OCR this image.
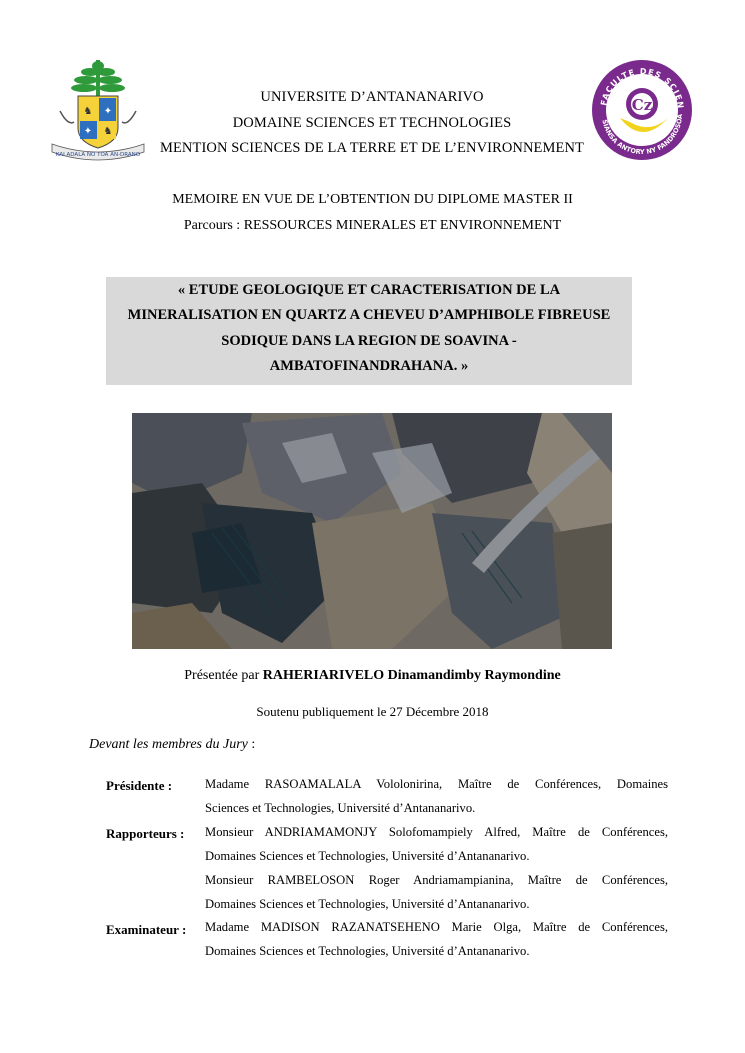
♞ ✦
✦ ♞
KAI ADALA NO TOA AN-DRANO
FACULTE DES SCIEN
SIANSA ANTORY NY FANDROSOA
Cz
UNIVERSITE D’ANTANANARIVO
DOMAINE SCIENCES ET TECHNOLOGIES
MENTION SCIENCES DE LA TERRE ET DE L’ENVIRONNEMENT
MEMOIRE EN VUE DE L’OBTENTION DU DIPLOME MASTER II
Parcours : RESSOURCES MINERALES ET ENVIRONNEMENT
« ETUDE GEOLOGIQUE ET CARACTERISATION DE LA
MINERALISATION EN QUARTZ A CHEVEU D’AMPHIBOLE FIBREUSE
SODIQUE DANS LA REGION DE SOAVINA -
AMBATOFINANDRAHANA. »
Présentée par RAHERIARIVELO Dinamandimby Raymondine
Soutenu publiquement le 27 Décembre 2018
Devant les membres du Jury :
Présidente :	Madame RASOAMALALA Vololonirina, Maître de Conférences, Domaines
Sciences et Technologies, Université d’Antananarivo.
Rapporteurs : Monsieur ANDRIAMAMONJY Solofomampiely Alfred, Maître de Conférences,
Domaines Sciences et Technologies, Université d’Antananarivo.
Monsieur RAMBELOSON Roger Andriamampianina, Maître de Conférences,
Domaines Sciences et Technologies, Université d’Antananarivo.
Examinateur : Madame MADISON RAZANATSEHENO Marie Olga, Maître de Conférences,
Domaines Sciences et Technologies, Université d’Antananarivo.
